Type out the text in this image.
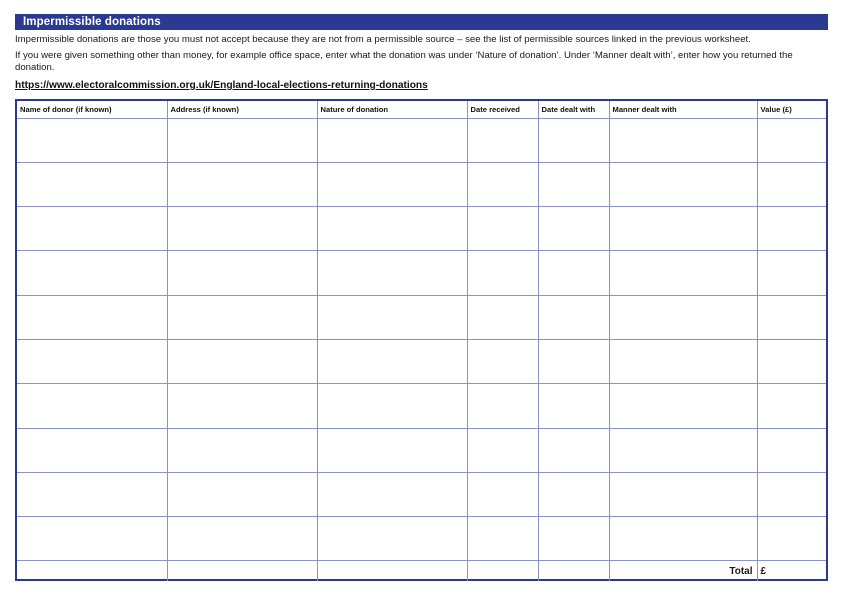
Impermissible donations

Impermissible donations are those you must not accept because they are not from a permissible source – see the list of permissible sources linked in the previous worksheet.

If you were given something other than money, for example office space, enter what the donation was under ‘Nature of donation’. Under ‘Manner dealt with’, enter how you returned the donation.

https://www.electoralcommission.org.uk/England-local-elections-returning-donations
Name of donor (if known)	Address (if known)	Nature of donation	Date received	Date dealt with	Manner dealt with	Value (£)

					Total	£
